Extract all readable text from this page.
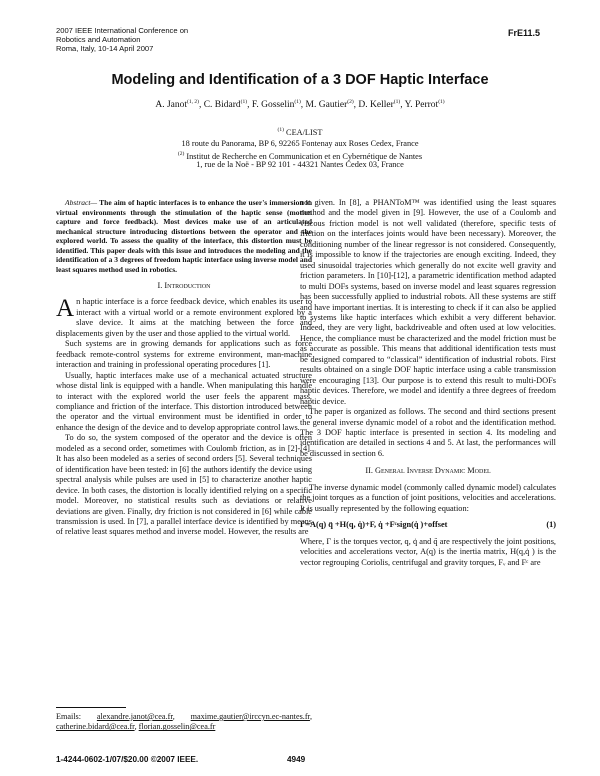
2007 IEEE International Conference on
Robotics and Automation
Roma, Italy, 10-14 April 2007
FrE11.5
Modeling and Identification of a 3 DOF Haptic Interface
A. Janot$^{(1, 2)}$, C. Bidard$^{(1)}$, F. Gosselin$^{(1)}$, M. Gautier$^{(2)}$, D. Keller$^{(1)}$, Y. Perrot$^{(1)}$
$^{(1)}$ CEA/LIST
18 route du Panorama, BP 6, 92265 Fontenay aux Roses Cedex, France
$^{(2)}$ Institut de Recherche en Communication et en Cybernétique de Nantes
1, rue de la Noë - BP 92 101 - 44321 Nantes Cedex 03, France
Abstract— The aim of haptic interfaces is to enhance the user's immersion in virtual environments through the stimulation of the haptic sense (motion capture and force feedback). Most devices make use of an articulated mechanical structure introducing distortions between the operator and the explored world. To assess the quality of the interface, this distortion must be identified. This paper deals with this issue and introduces the modeling and the identification of a 3 degrees of freedom haptic interface using inverse model and least squares method used in robotics.
I. Introduction

An haptic interface is a force feedback device, which enables its user to interact with a virtual world or a remote environment explored by a slave device. It aims at the matching between the force and displacements given by the user and those applied to the virtual world.

Such systems are in growing demands for applications such as force feedback remote-control systems for extreme environment, man-machine interaction and training in professional operating procedures [1].

Usually, haptic interfaces make use of a mechanical actuated structure whose distal link is equipped with a handle. When manipulating this handle to interact with the explored world the user feels the apparent mass, compliance and friction of the interface. This distortion introduced between the operator and the virtual environment must be identified in order to enhance the design of the device and to develop appropriate control laws.

To do so, the system composed of the operator and the device is often modeled as a second order, sometimes with Coulomb friction, as in [2]-[4]. It has also been modeled as a series of second orders [5]. Several techniques of identification have been tested: in [6] the authors identify the device using spectral analysis while pulses are used in [5] to characterize another haptic device. In both cases, the distortion is locally identified relying on a specific model. Moreover, no statistical results such as deviations or relative deviations are given. Finally, dry friction is not considered in [6] while cable transmission is used. In [7], a parallel interface device is identified by means of relative least squares method and inverse model. However, the results are

Emails: alexandre.janot@cea.fr, maxime.gautier@irccyn.ec-nantes.fr, catherine.bidard@cea.fr, florian.gosselin@cea.fr

not given. In [8], a PHANToM™ was identified using the least squares method and the model given in [9]. However, the use of a Coulomb and viscous friction model is not well validated (therefore, specific tests of friction on the interfaces joints would have been necessary). Moreover, the conditioning number of the linear regressor is not considered. Consequently, it is impossible to know if the trajectories are enough exciting. Indeed, they used sinusoidal trajectories which generally do not excite well gravity and friction parameters. In [10]-[12], a parametric identification method adapted to multi DOFs systems, based on inverse model and least squares regression has been successfully applied to industrial robots. All these systems are stiff and have important inertias. It is interesting to check if it can also be applied to systems like haptic interfaces which exhibit a very different behavior. Indeed, they are very light, backdriveable and often used at low velocities. Hence, the compliance must be characterized and the model friction must be as accurate as possible. This means that additional identification tests must be designed compared to “classical” identification of industrial robots. First results obtained on a single DOF haptic interface using a cable transmission were encouraging [13]. Our purpose is to extend this result to multi-DOFs haptic devices. Therefore, we model and identify a three degrees of freedom haptic device.

The paper is organized as follows. The second and third sections present the general inverse dynamic model of a robot and the identification method. The 3 DOF haptic interface is presented in section 4. Its modeling and identification are detailed in sections 4 and 5. At last, the performances will be discussed in section 6.

II. General Inverse Dynamic Model

The inverse dynamic model (commonly called dynamic model) calculates the joint torques as a function of joint positions, velocities and accelerations. It is usually represented by the following equation:

Γ=A(q) q̈ +H(q, q̇)+F, q̇ +Fᶜsign(q̇ )+offset	(1)

Where, Γ is the torques vector, q, q̇ and q̈ are respectively the joint positions, velocities and accelerations vector, A(q) is the inertia matrix, H(q,q̇ ) is the vector regrouping Coriolis, centrifugal and gravity torques, Fᵥ and Fᶜ are

1-4244-0602-1/07/$20.00 ©2007 IEEE.	4949
